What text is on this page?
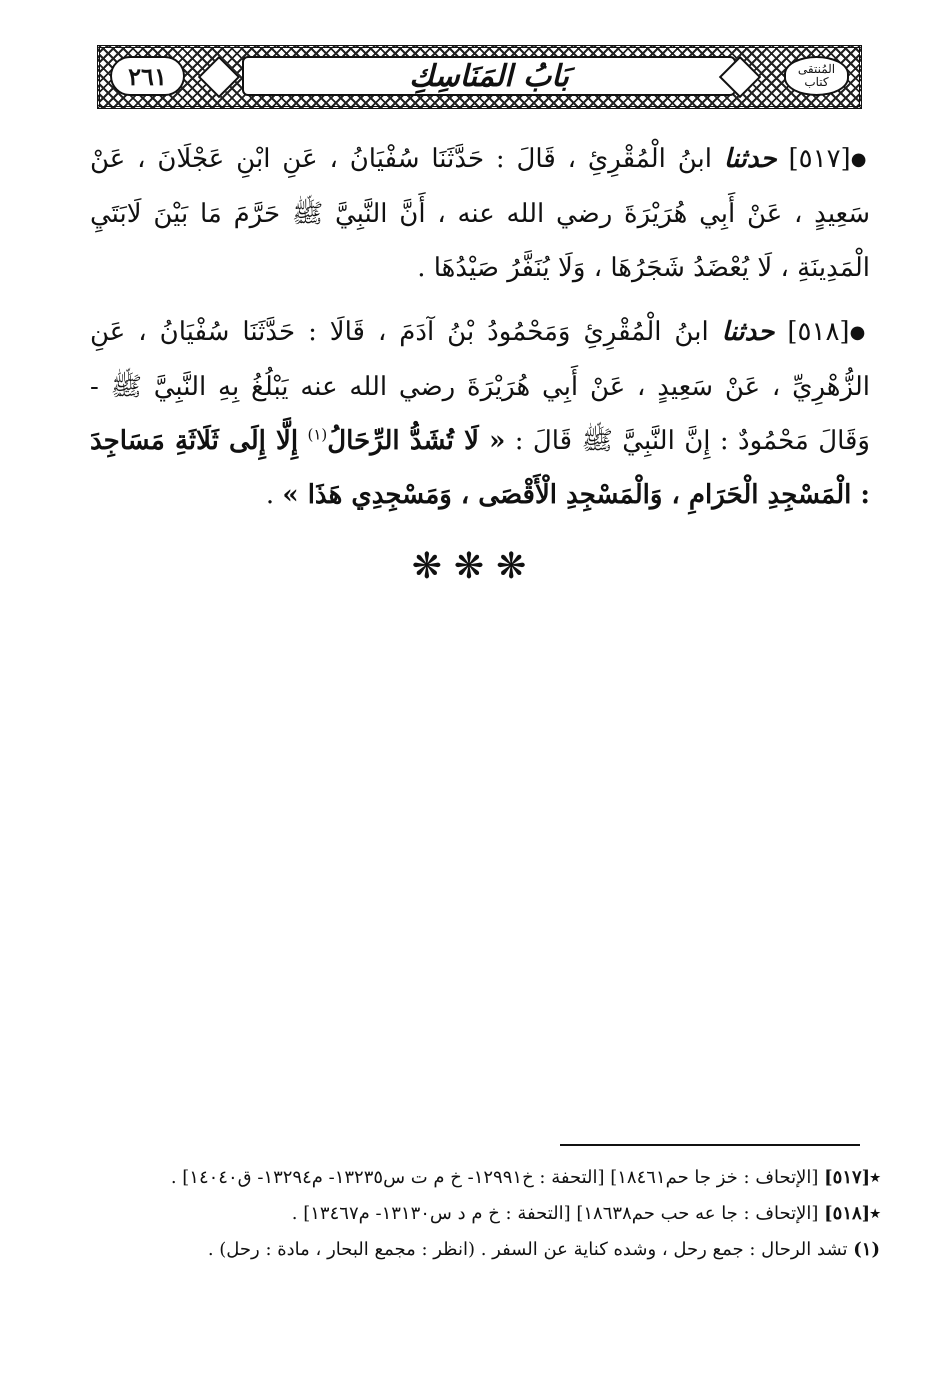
٢٦١	بَابُ المَنَاسِكِ	المُنتقى كتاب

●[٥١٧] حدثنا ابنُ الْمُقْرِئِ ، قَالَ : حَدَّثَنَا سُفْيَانُ ، عَنِ ابْنِ عَجْلَانَ ، عَنْ سَعِيدٍ ، عَنْ أَبِي هُرَيْرَةَ رضي الله عنه ، أَنَّ النَّبِيَّ ﷺ حَرَّمَ مَا بَيْنَ لَابَتَيِ الْمَدِينَةِ ، لَا يُعْضَدُ شَجَرُهَا ، وَلَا يُنَفَّرُ صَيْدُهَا .

●[٥١٨] حدثنا ابنُ الْمُقْرِئِ وَمَحْمُودُ بْنُ آدَمَ ، قَالَا : حَدَّثَنَا سُفْيَانُ ، عَنِ الزُّهْرِيِّ ، عَنْ سَعِيدٍ ، عَنْ أَبِي هُرَيْرَةَ رضي الله عنه يَبْلُغُ بِهِ النَّبِيَّ ﷺ - وَقَالَ مَحْمُودٌ : إِنَّ النَّبِيَّ ﷺ قَالَ : « لَا تُشَدُّ الرِّحَالُ$^{(١)}$ إِلَّا إِلَى ثَلَاثَةِ مَسَاجِدَ : الْمَسْجِدِ الْحَرَامِ ، وَالْمَسْجِدِ الْأَقْصَى ، وَمَسْجِدِي هَذَا » .

❋❋❋

٭[٥١٧] [الإتحاف : خز جا حم١٨٤٦١] [التحفة : خ١٢٩٩١- خ م ت س١٣٢٣٥- م١٣٢٩٤- ق١٤٠٤٠] .

٭[٥١٨] [الإتحاف : جا عه حب حم١٨٦٣٨] [التحفة : خ م د س١٣١٣٠- م١٣٤٦٧] .

(١) تشد الرحال : جمع رحل ، وشده كناية عن السفر . (انظر : مجمع البحار ، مادة : رحل) .
